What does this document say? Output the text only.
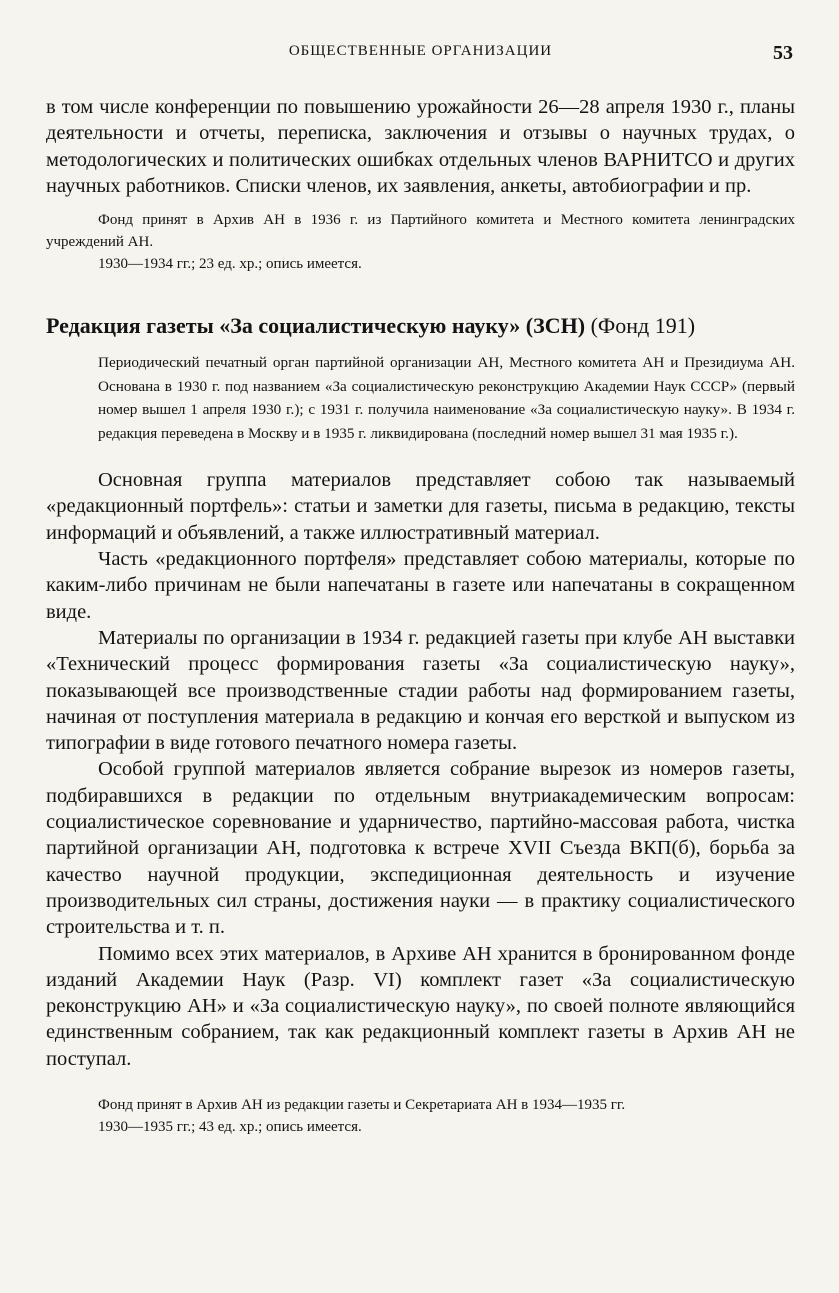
ОБЩЕСТВЕННЫЕ ОРГАНИЗАЦИИ	53

в том числе конференции по повышению урожайности 26—28 апреля 1930 г., планы деятельности и отчеты, переписка, заключения и отзывы о научных трудах, о методологических и политических ошибках отдельных членов ВАРНИТСО и других научных работников. Списки членов, их заявления, анкеты, автобиографии и пр.

Фонд принят в Архив АН в 1936 г. из Партийного комитета и Местного комитета ленинградских учреждений АН.

1930—1934 гг.; 23 ед. хр.; опись имеется.

Редакция газеты «За социалистическую науку» (ЗСН) (Фонд 191)

Периодический печатный орган партийной организации АН, Местного комитета АН и Президиума АН. Основана в 1930 г. под названием «За социалистическую реконструкцию Академии Наук СССР» (первый номер вышел 1 апреля 1930 г.); с 1931 г. получила наименование «За социалистическую науку». В 1934 г. редакция переведена в Москву и в 1935 г. ликвидирована (последний номер вышел 31 мая 1935 г.).

Основная группа материалов представляет собою так называемый «редакционный портфель»: статьи и заметки для газеты, письма в редакцию, тексты информаций и объявлений, а также иллюстративный материал.

Часть «редакционного портфеля» представляет собою материалы, которые по каким-либо причинам не были напечатаны в газете или напечатаны в сокращенном виде.

Материалы по организации в 1934 г. редакцией газеты при клубе АН выставки «Технический процесс формирования газеты «За социалистическую науку», показывающей все производственные стадии работы над формированием газеты, начиная от поступления материала в редакцию и кончая его версткой и выпуском из типографии в виде готового печатного номера газеты.

Особой группой материалов является собрание вырезок из номеров газеты, подбиравшихся в редакции по отдельным внутриакадемическим вопросам: социалистическое соревнование и ударничество, партийно-массовая работа, чистка партийной организации АН, подготовка к встрече XVII Съезда ВКП(б), борьба за качество научной продукции, экспедиционная деятельность и изучение производительных сил страны, достижения науки — в практику социалистического строительства и т. п.

Помимо всех этих материалов, в Архиве АН хранится в бронированном фонде изданий Академии Наук (Разр. VI) комплект газет «За социалистическую реконструкцию АН» и «За социалистическую науку», по своей полноте являющийся единственным собранием, так как редакционный комплект газеты в Архив АН не поступал.

Фонд принят в Архив АН из редакции газеты и Секретариата АН в 1934—1935 гг.

1930—1935 гг.; 43 ед. хр.; опись имеется.
